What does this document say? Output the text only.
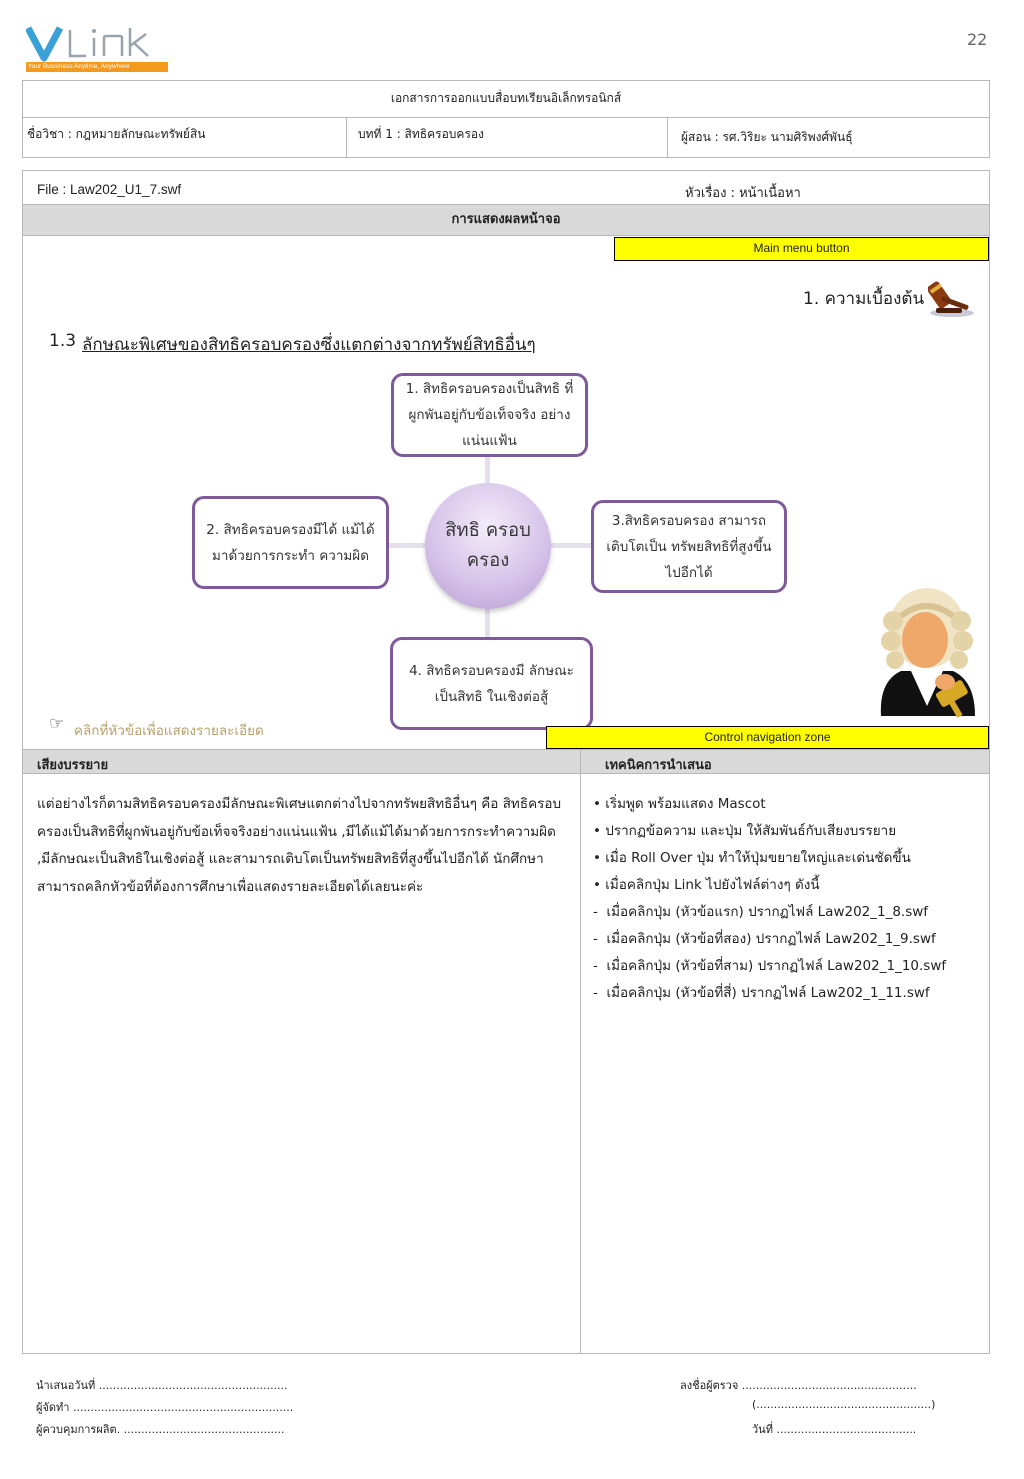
22
Your Bussiness Anytime, Anywhere
เอกสารการออกแบบสื่อบทเรียนอิเล็กทรอนิกส์
ชื่อวิชา : กฎหมายลักษณะทรัพย์สิน	บทที่ 1 : สิทธิครอบครอง	ผู้สอน : รศ.วิริยะ นามศิริพงศ์พันธุ์
File : Law202_U1_7.swf	หัวเรื่อง : หน้าเนื้อหา
การแสดงผลหน้าจอ
Main menu button
1. ความเบื้องต้น
1.3 ลักษณะพิเศษของสิทธิครอบครองซึ่งแตกต่างจากทรัพย์สิทธิอื่นๆ
สิทธิ ครอบครอง
1. สิทธิครอบครองเป็นสิทธิ ที่ผูกพันอยู่กับข้อเท็จจริง อย่างแน่นแฟ้น
2. สิทธิครอบครองมีได้ แม้ได้มาด้วยการกระทำ ความผิด
3.สิทธิครอบครอง สามารถเติบโตเป็น ทรัพยสิทธิที่สูงขึ้นไปอีกได้
4. สิทธิครอบครองมี ลักษณะเป็นสิทธิ ในเชิงต่อสู้
☞ คลิกที่หัวข้อเพื่อแสดงรายละเอียด	Control navigation zone
เสียงบรรยาย	เทคนิคการนำเสนอ
แต่อย่างไรก็ตามสิทธิครอบครองมีลักษณะพิเศษแตกต่างไปจากทรัพยสิทธิอื่นๆ คือ สิทธิครอบครองเป็นสิทธิที่ผูกพันอยู่กับข้อเท็จจริงอย่างแน่นแฟ้น ,มีได้แม้ได้มาด้วยการกระทำความผิด ,มีลักษณะเป็นสิทธิในเชิงต่อสู้ และสามารถเติบโตเป็นทรัพยสิทธิที่สูงขึ้นไปอีกได้ นักศึกษาสามารถคลิกหัวข้อที่ต้องการศึกษาเพื่อแสดงรายละเอียดได้เลยนะค่ะ
• เริ่มพูด พร้อมแสดง Mascot
• ปรากฏข้อความ และปุ่ม ให้สัมพันธ์กับเสียงบรรยาย
• เมื่อ Roll Over ปุ่ม ทำให้ปุ่มขยายใหญ่และเด่นชัดขึ้น
• เมื่อคลิกปุ่ม Link ไปยังไฟล์ต่างๆ ดังนี้
-  เมื่อคลิกปุ่ม (หัวข้อแรก) ปรากฏไฟล์ Law202_1_8.swf
-  เมื่อคลิกปุ่ม (หัวข้อที่สอง) ปรากฏไฟล์ Law202_1_9.swf
-  เมื่อคลิกปุ่ม (หัวข้อที่สาม) ปรากฏไฟล์ Law202_1_10.swf
-  เมื่อคลิกปุ่ม (หัวข้อที่สี่) ปรากฏไฟล์ Law202_1_11.swf
นำเสนอวันที่ ......................................................
ผู้จัดทำ ...............................................................
ผู้ควบคุมการผลิต. ..............................................
ลงชื่อผู้ตรวจ ..................................................
(..................................................)
วันที่ ........................................
